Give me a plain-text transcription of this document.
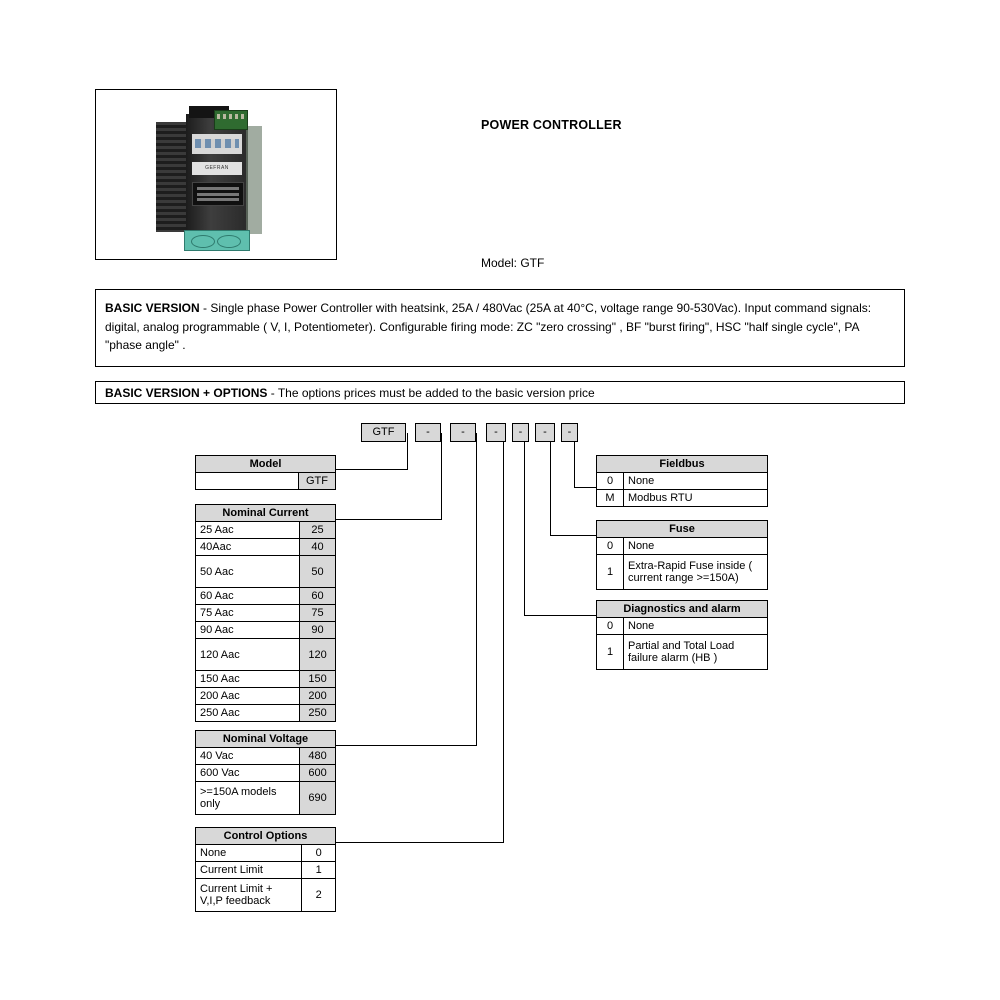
GEFRAN
POWER CONTROLLER
Model: GTF
BASIC VERSION - Single phase Power Controller with heatsink, 25A / 480Vac (25A at 40°C, voltage range 90-530Vac). Input command signals: digital, analog programmable ( V, I, Potentiometer). Configurable firing mode: ZC "zero crossing" , BF "burst firing", HSC "half single cycle", PA "phase angle" .
BASIC VERSION + OPTIONS - The options prices must be added to the basic version price
GTF	-	-	-	-	-	-
Model
	GTF
Nominal Current	
25 Aac	25
40Aac	40
50 Aac	50
60 Aac	60
75 Aac	75
90 Aac	90
120 Aac	120
150 Aac	150
200 Aac	200
250 Aac	250
Nominal Voltage	
40 Vac	480
600 Vac	600
>=150A models only	690
Control Options	
None	0
Current Limit	1
Current Limit + V,I,P feedback	2
Fieldbus	
0	None
M	Modbus RTU
Fuse	
0	None
1	Extra-Rapid Fuse inside ( current range >=150A)
Diagnostics and alarm	
0	None
1	Partial and Total Load failure alarm (HB )
